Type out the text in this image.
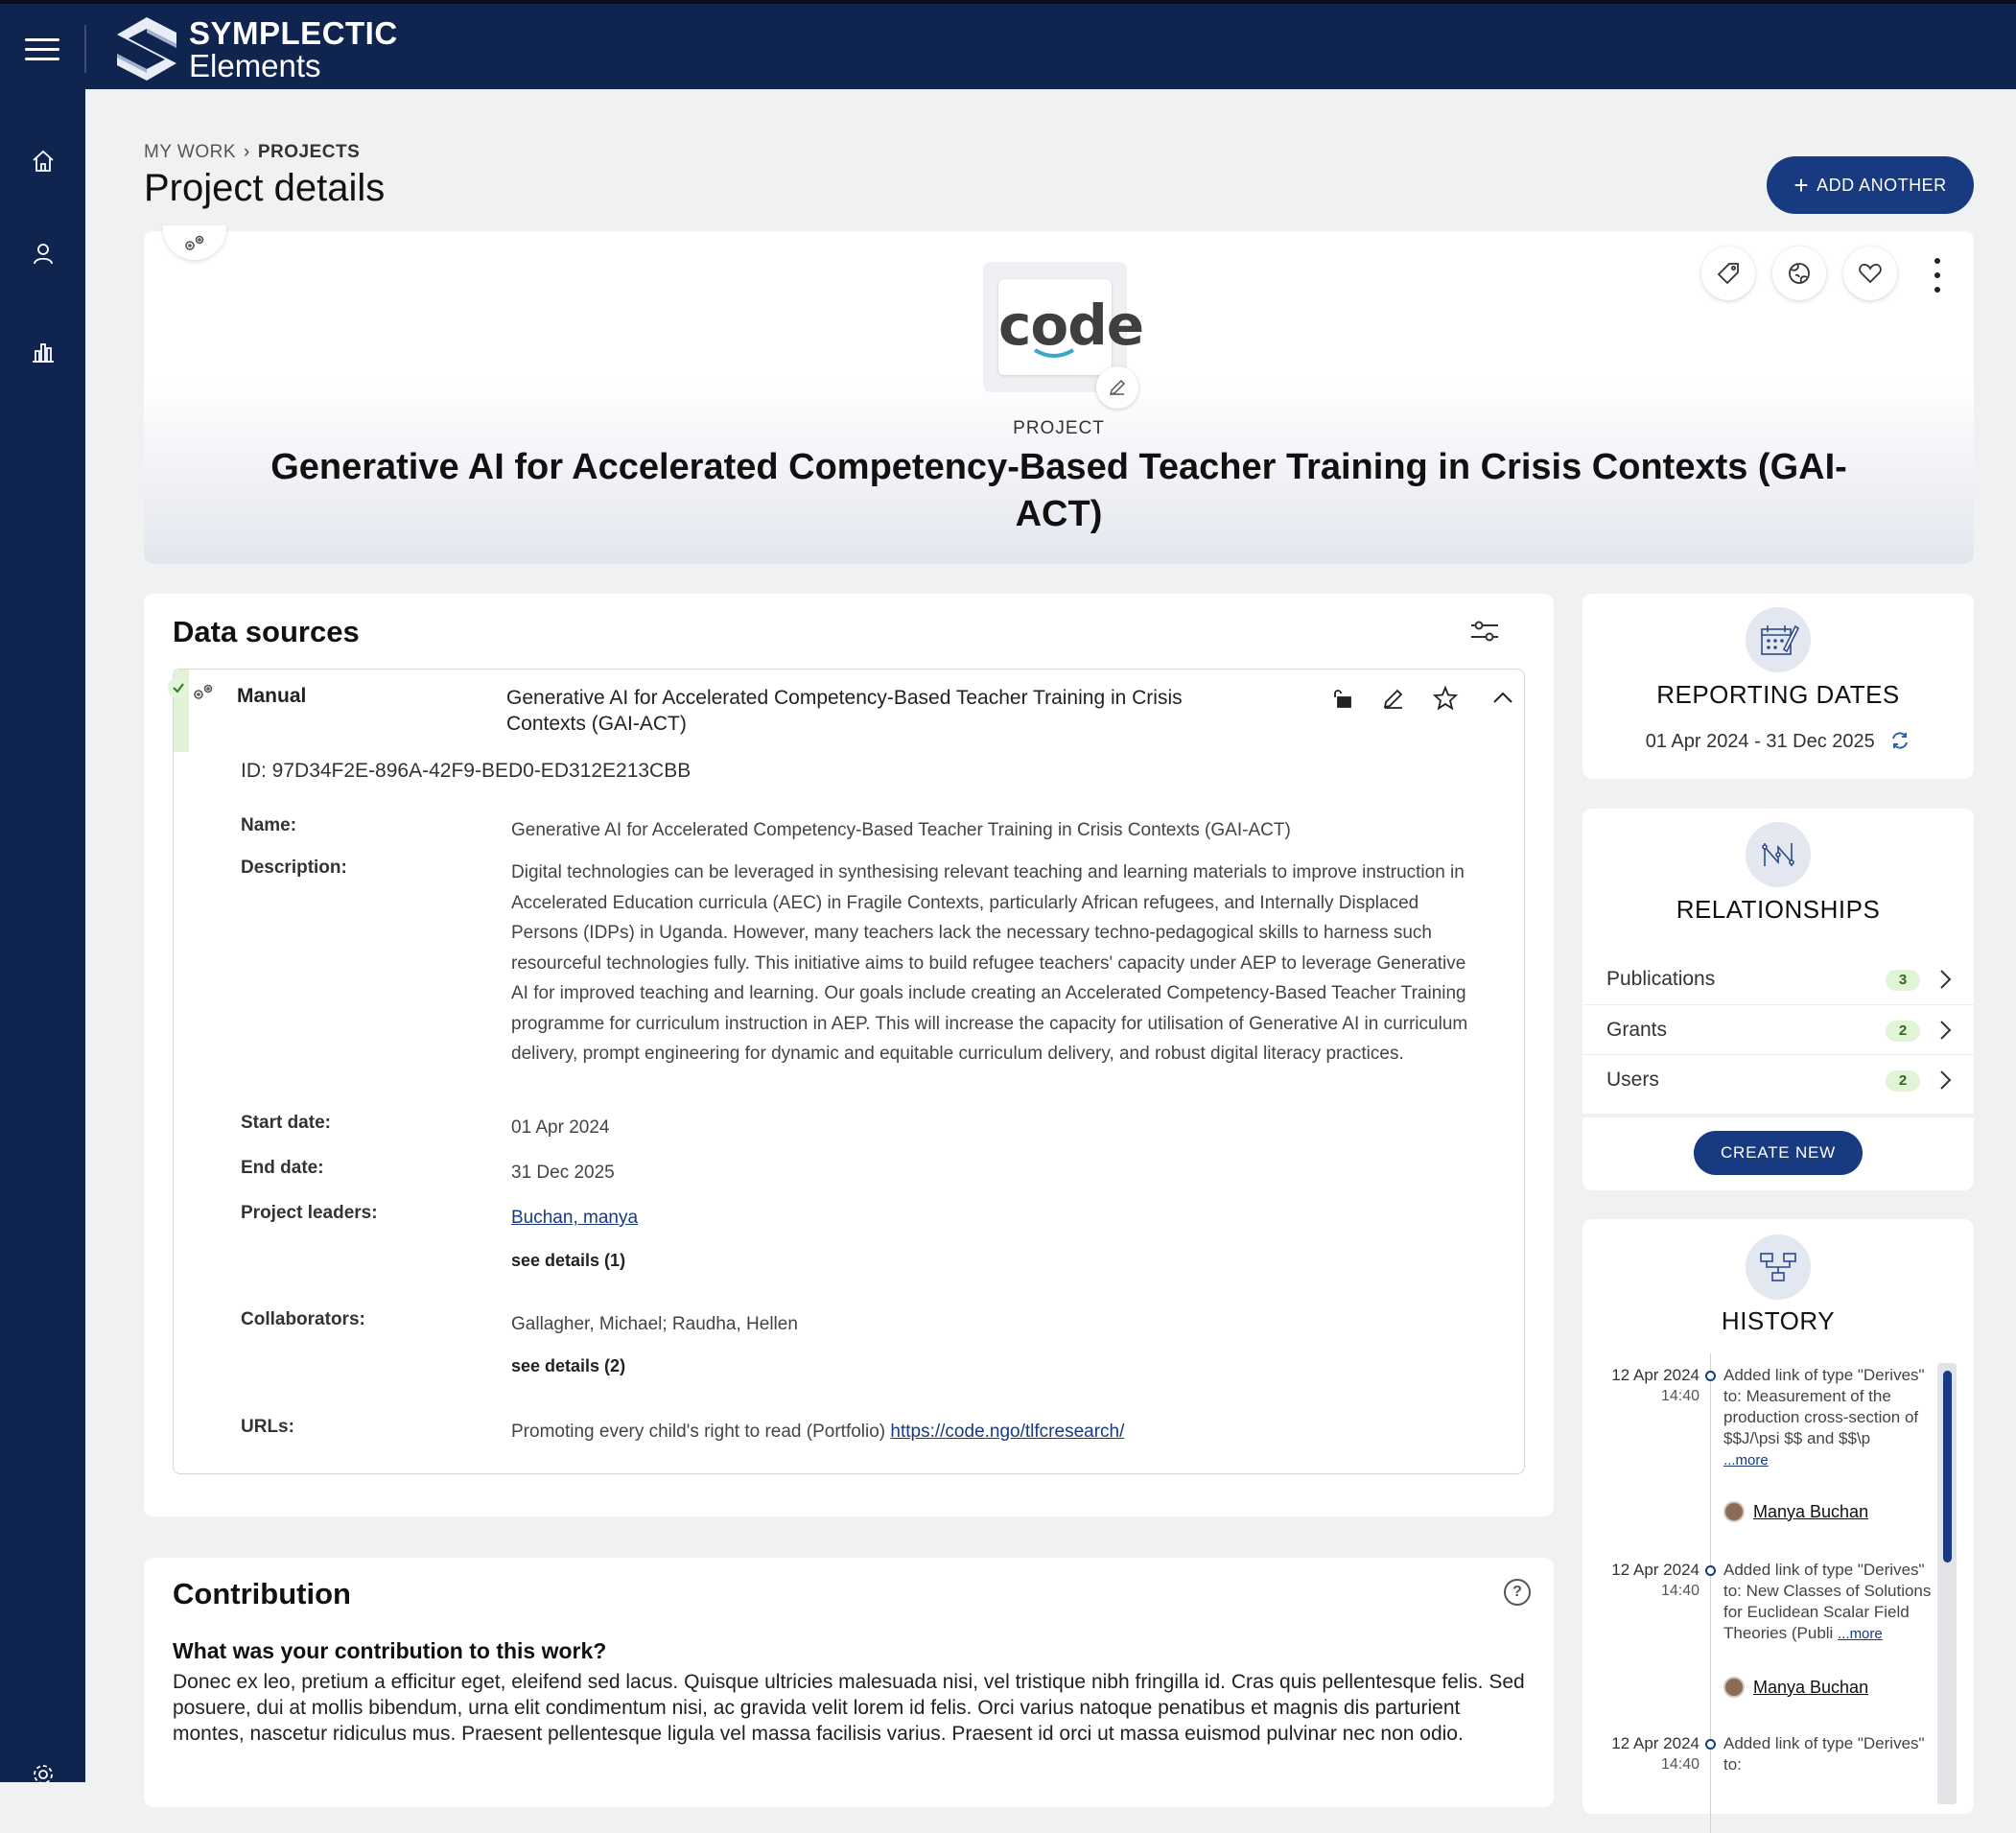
SYMPLECTIC
Elements
MY WORK › PROJECTS
Project details	+ ADD ANOTHER
code
PROJECT
Generative AI for Accelerated Competency-Based Teacher Training in Crisis Contexts (GAI-ACT)
Data sources
Manual	Generative AI for Accelerated Competency-Based Teacher Training in Crisis Contexts (GAI-ACT)
ID: 97D34F2E-896A-42F9-BED0-ED312E213CBB
Name:	Generative AI for Accelerated Competency-Based Teacher Training in Crisis Contexts (GAI-ACT)
Description:	Digital technologies can be leveraged in synthesising relevant teaching and learning materials to improve instruction in Accelerated Education curricula (AEC) in Fragile Contexts, particularly African refugees, and Internally Displaced Persons (IDPs) in Uganda. However, many teachers lack the necessary techno-pedagogical skills to harness such resourceful technologies fully. This initiative aims to build refugee teachers' capacity under AEP to leverage Generative AI for improved teaching and learning. Our goals include creating an Accelerated Competency-Based Teacher Training programme for curriculum instruction in AEP. This will increase the capacity for utilisation of Generative AI in curriculum delivery, prompt engineering for dynamic and equitable curriculum delivery, and robust digital literacy practices.
Start date:	01 Apr 2024
End date:	31 Dec 2025
Project leaders:	Buchan, manya
see details (1)
Collaborators:	Gallagher, Michael; Raudha, Hellen
see details (2)
URLs:	Promoting every child's right to read (Portfolio) https://code.ngo/tlfcresearch/
Contribution	?
What was your contribution to this work?
Donec ex leo, pretium a efficitur eget, eleifend sed lacus. Quisque ultricies malesuada nisi, vel tristique nibh fringilla id. Cras quis pellentesque felis. Sed posuere, dui at mollis bibendum, urna elit condimentum nisi, ac gravida velit lorem id felis. Orci varius natoque penatibus et magnis dis parturient montes, nascetur ridiculus mus. Praesent pellentesque ligula vel massa facilisis varius. Praesent id orci ut massa euismod pulvinar nec non odio.
REPORTING DATES
01 Apr 2024 - 31 Dec 2025
RELATIONSHIPS
Publications	3
Grants	2
Users	2
CREATE NEW
HISTORY
12 Apr 2024
14:40
Added link of type "Derives" to: Measurement of the production cross-section of $$J/\psi $$ and $$\p
...more
Manya Buchan
12 Apr 2024
14:40
Added link of type "Derives" to: New Classes of Solutions for Euclidean Scalar Field Theories (Publi ...more
Manya Buchan
12 Apr 2024
14:40
Added link of type "Derives" to:
